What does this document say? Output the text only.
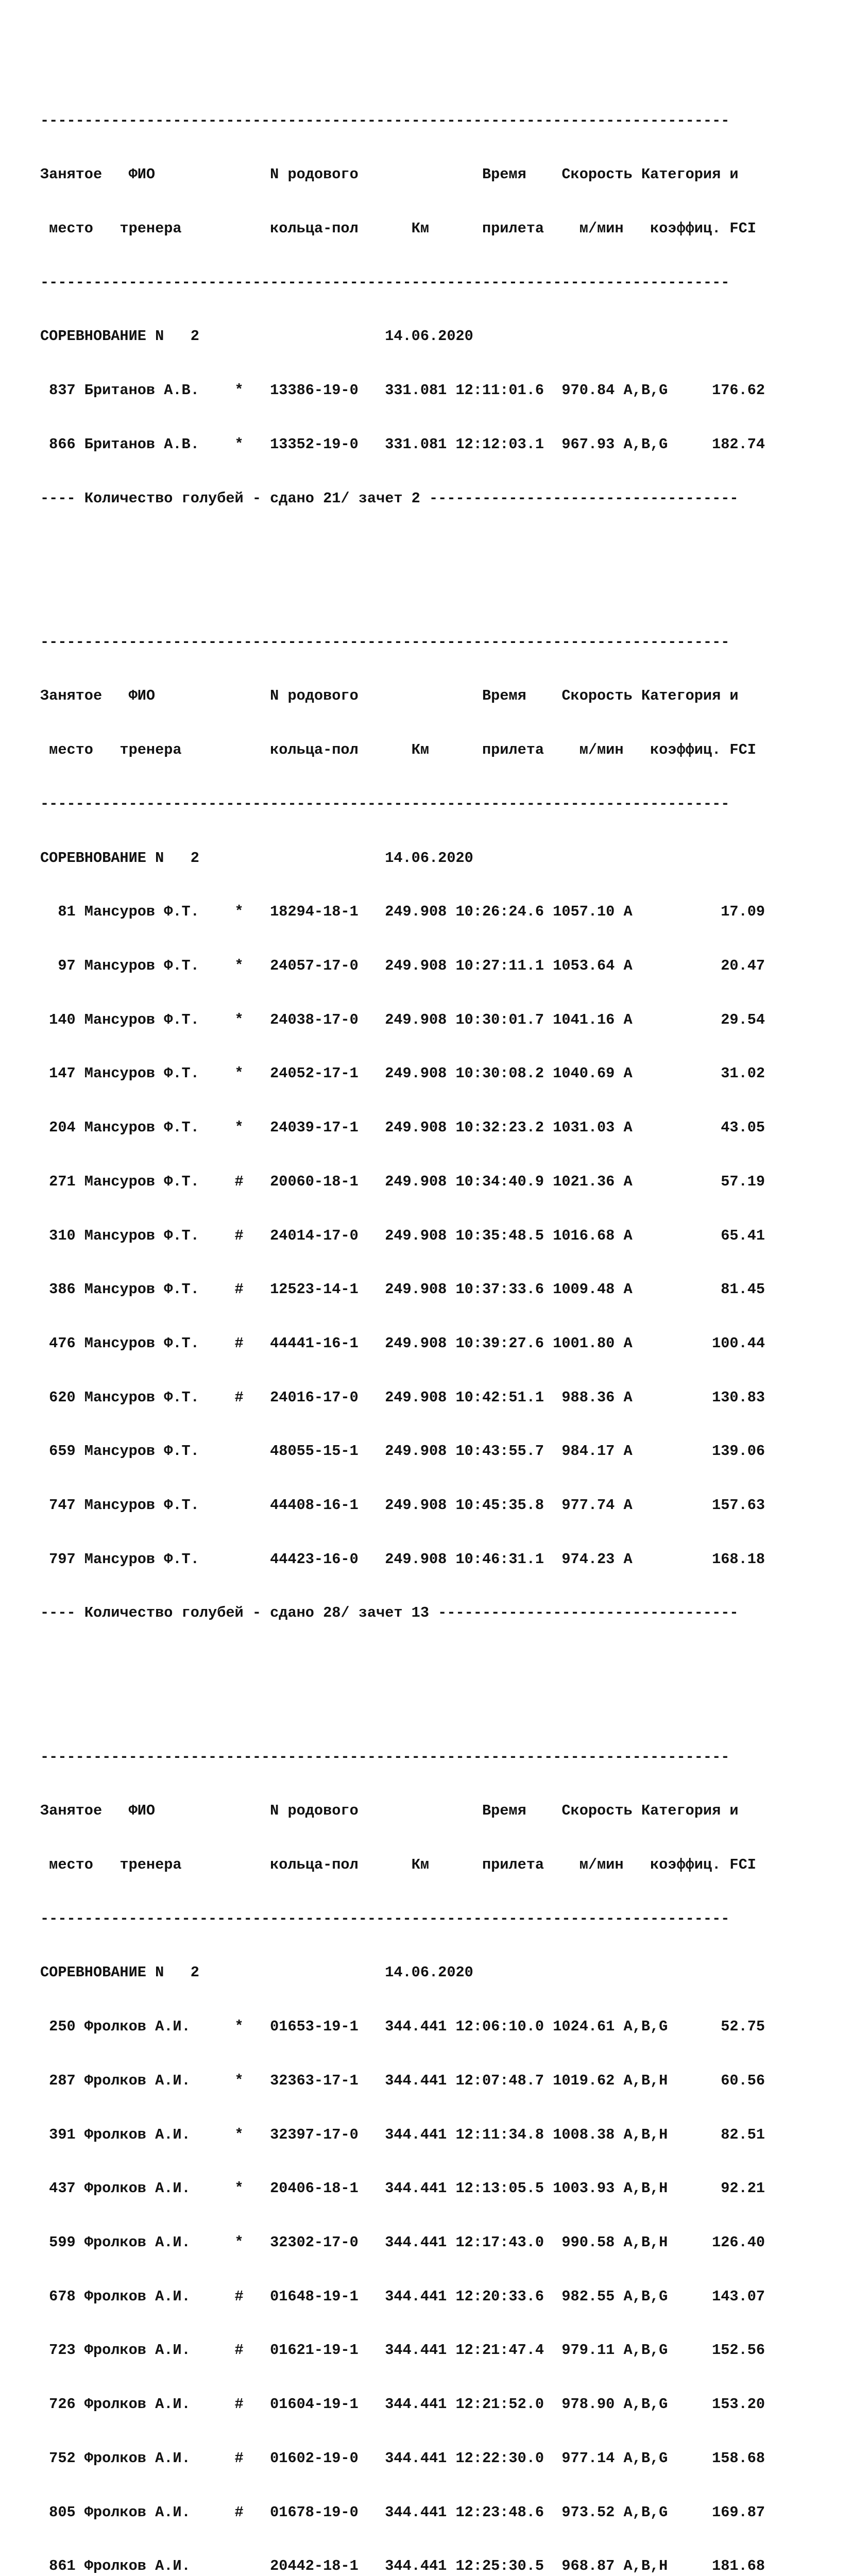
------------------------------------------------------------------------------

Занятое   ФИО             N родового              Время    Скорость Категория и

место   тренера          кольца-пол      Км      прилета    м/мин   коэффиц. FCI

------------------------------------------------------------------------------

СОРЕВНОВАНИЕ N   2                     14.06.2020

837 Британов А.В.    *   13386-19-0   331.081 12:11:01.6  970.84 A,B,G     176.62

866 Британов А.В.    *   13352-19-0   331.081 12:12:03.1  967.93 A,B,G     182.74

---- Количество голубей - сдано 21/ зачет 2 -----------------------------------

------------------------------------------------------------------------------

Занятое   ФИО             N родового              Время    Скорость Категория и

место   тренера          кольца-пол      Км      прилета    м/мин   коэффиц. FCI

------------------------------------------------------------------------------

СОРЕВНОВАНИЕ N   2                     14.06.2020

81 Мансуров Ф.Т.    *   18294-18-1   249.908 10:26:24.6 1057.10 A          17.09

97 Мансуров Ф.Т.    *   24057-17-0   249.908 10:27:11.1 1053.64 A          20.47

140 Мансуров Ф.Т.    *   24038-17-0   249.908 10:30:01.7 1041.16 A          29.54

147 Мансуров Ф.Т.    *   24052-17-1   249.908 10:30:08.2 1040.69 A          31.02

204 Мансуров Ф.Т.    *   24039-17-1   249.908 10:32:23.2 1031.03 A          43.05

271 Мансуров Ф.Т.    #   20060-18-1   249.908 10:34:40.9 1021.36 A          57.19

310 Мансуров Ф.Т.    #   24014-17-0   249.908 10:35:48.5 1016.68 A          65.41

386 Мансуров Ф.Т.    #   12523-14-1   249.908 10:37:33.6 1009.48 A          81.45

476 Мансуров Ф.Т.    #   44441-16-1   249.908 10:39:27.6 1001.80 A         100.44

620 Мансуров Ф.Т.    #   24016-17-0   249.908 10:42:51.1  988.36 A         130.83

659 Мансуров Ф.Т.        48055-15-1   249.908 10:43:55.7  984.17 A         139.06

747 Мансуров Ф.Т.        44408-16-1   249.908 10:45:35.8  977.74 A         157.63

797 Мансуров Ф.Т.        44423-16-0   249.908 10:46:31.1  974.23 A         168.18

---- Количество голубей - сдано 28/ зачет 13 ----------------------------------

------------------------------------------------------------------------------

Занятое   ФИО             N родового              Время    Скорость Категория и

место   тренера          кольца-пол      Км      прилета    м/мин   коэффиц. FCI

------------------------------------------------------------------------------

СОРЕВНОВАНИЕ N   2                     14.06.2020

250 Фролков А.И.     *   01653-19-1   344.441 12:06:10.0 1024.61 A,B,G      52.75

287 Фролков А.И.     *   32363-17-1   344.441 12:07:48.7 1019.62 A,B,H      60.56

391 Фролков А.И.     *   32397-17-0   344.441 12:11:34.8 1008.38 A,B,H      82.51

437 Фролков А.И.     *   20406-18-1   344.441 12:13:05.5 1003.93 A,B,H      92.21

599 Фролков А.И.     *   32302-17-0   344.441 12:17:43.0  990.58 A,B,H     126.40

678 Фролков А.И.     #   01648-19-1   344.441 12:20:33.6  982.55 A,B,G     143.07

723 Фролков А.И.     #   01621-19-1   344.441 12:21:47.4  979.11 A,B,G     152.56

726 Фролков А.И.     #   01604-19-1   344.441 12:21:52.0  978.90 A,B,G     153.20

752 Фролков А.И.     #   01602-19-0   344.441 12:22:30.0  977.14 A,B,G     158.68

805 Фролков А.И.     #   01678-19-0   344.441 12:23:48.6  973.52 A,B,G     169.87

861 Фролков А.И.         20442-18-1   344.441 12:25:30.5  968.87 A,B,H     181.68
